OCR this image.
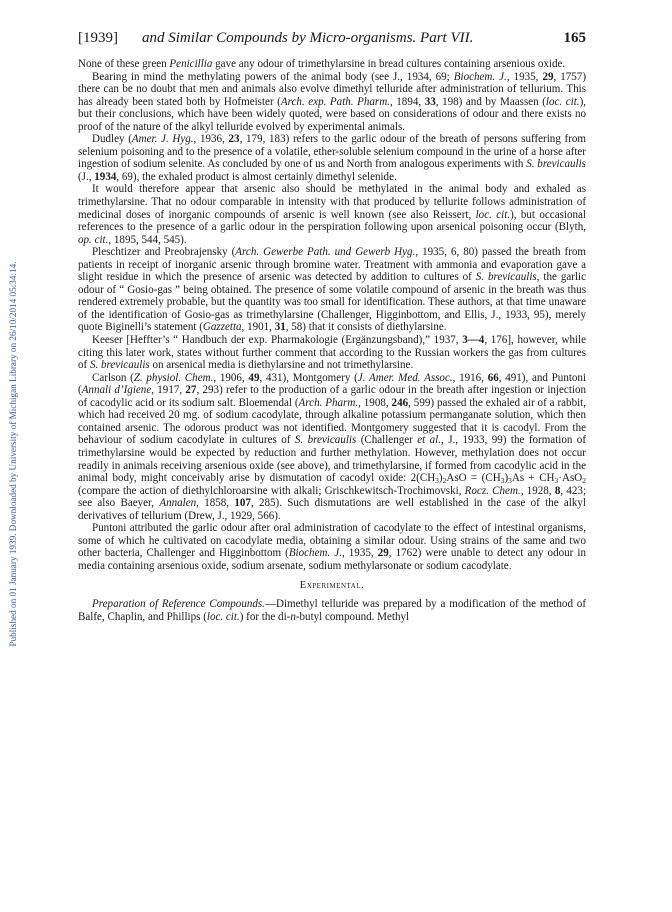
Published on 01 January 1939. Downloaded by University of Michigan Library on 26/10/2014 05:34:14.
[1939] and Similar Compounds by Micro-organisms. Part VII.	165

None of these green Penicillia gave any odour of trimethylarsine in bread cultures containing arsenious oxide.

Bearing in mind the methylating powers of the animal body (see J., 1934, 69; Biochem. J., 1935, 29, 1757) there can be no doubt that men and animals also evolve dimethyl telluride after administration of tellurium. This has already been stated both by Hofmeister (Arch. exp. Path. Pharm., 1894, 33, 198) and by Maassen (loc. cit.), but their conclusions, which have been widely quoted, were based on considerations of odour and there exists no proof of the nature of the alkyl telluride evolved by experimental animals.

Dudley (Amer. J. Hyg., 1936, 23, 179, 183) refers to the garlic odour of the breath of persons suffering from selenium poisoning and to the presence of a volatile, ether-soluble selenium compound in the urine of a horse after ingestion of sodium selenite. As concluded by one of us and North from analogous experiments with S. brevicaulis (J., 1934, 69), the exhaled product is almost certainly dimethyl selenide.

It would therefore appear that arsenic also should be methylated in the animal body and exhaled as trimethylarsine. That no odour comparable in intensity with that produced by tellurite follows administration of medicinal doses of inorganic compounds of arsenic is well known (see also Reissert, loc. cit.), but occasional references to the presence of a garlic odour in the perspiration following upon arsenical poisoning occur (Blyth, op. cit., 1895, 544, 545).

Pleschtizer and Preobrajensky (Arch. Gewerbe Path. und Gewerb Hyg., 1935, 6, 80) passed the breath from patients in receipt of inorganic arsenic through bromine water. Treatment with ammonia and evaporation gave a slight residue in which the presence of arsenic was detected by addition to cultures of S. brevicaulis, the garlic odour of “ Gosio-gas ” being obtained. The presence of some volatile compound of arsenic in the breath was thus rendered extremely probable, but the quantity was too small for identification. These authors, at that time unaware of the identification of Gosio-gas as trimethylarsine (Challenger, Higginbottom, and Ellis, J., 1933, 95), merely quote Biginelli’s statement (Gazzetta, 1901, 31, 58) that it consists of diethylarsine.

Keeser [Heffter’s “ Handbuch der exp. Pharmakologie (Ergänzungsband),” 1937, 3—4, 176], however, while citing this later work, states without further comment that according to the Russian workers the gas from cultures of S. brevicaulis on arsenical media is diethylarsine and not trimethylarsine.

Carlson (Z. physiol. Chem., 1906, 49, 431), Montgomery (J. Amer. Med. Assoc., 1916, 66, 491), and Puntoni (Annali d’Igiene, 1917, 27, 293) refer to the production of a garlic odour in the breath after ingestion or injection of cacodylic acid or its sodium salt. Bloemendal (Arch. Pharm., 1908, 246, 599) passed the exhaled air of a rabbit, which had received 20 mg. of sodium cacodylate, through alkaline potassium permanganate solution, which then contained arsenic. The odorous product was not identified. Montgomery suggested that it is cacodyl. From the behaviour of sodium cacodylate in cultures of S. brevicaulis (Challenger et al., J., 1933, 99) the formation of trimethylarsine would be expected by reduction and further methylation. However, methylation does not occur readily in animals receiving arsenious oxide (see above), and trimethylarsine, if formed from cacodylic acid in the animal body, might conceivably arise by dismutation of cacodyl oxide: $2(CH_3)_2AsO = (CH_3)_3As + CH_3\cdot AsO_2$ (compare the action of diethylchloroarsine with alkali; Grischkewitsch-Trochimovski, Rocz. Chem., 1928, 8, 423; see also Baeyer, Annalen, 1858, 107, 285). Such dismutations are well established in the case of the alkyl derivatives of tellurium (Drew, J., 1929, 566).

Puntoni attributed the garlic odour after oral administration of cacodylate to the effect of intestinal organisms, some of which he cultivated on cacodylate media, obtaining a similar odour. Using strains of the same and two other bacteria, Challenger and Higginbottom (Biochem. J., 1935, 29, 1762) were unable to detect any odour in media containing arsenious oxide, sodium arsenate, sodium methylarsonate or sodium cacodylate.

Experimental.

Preparation of Reference Compounds.—Dimethyl telluride was prepared by a modification of the method of Balfe, Chaplin, and Phillips (loc. cit.) for the di-n-butyl compound. Methyl
